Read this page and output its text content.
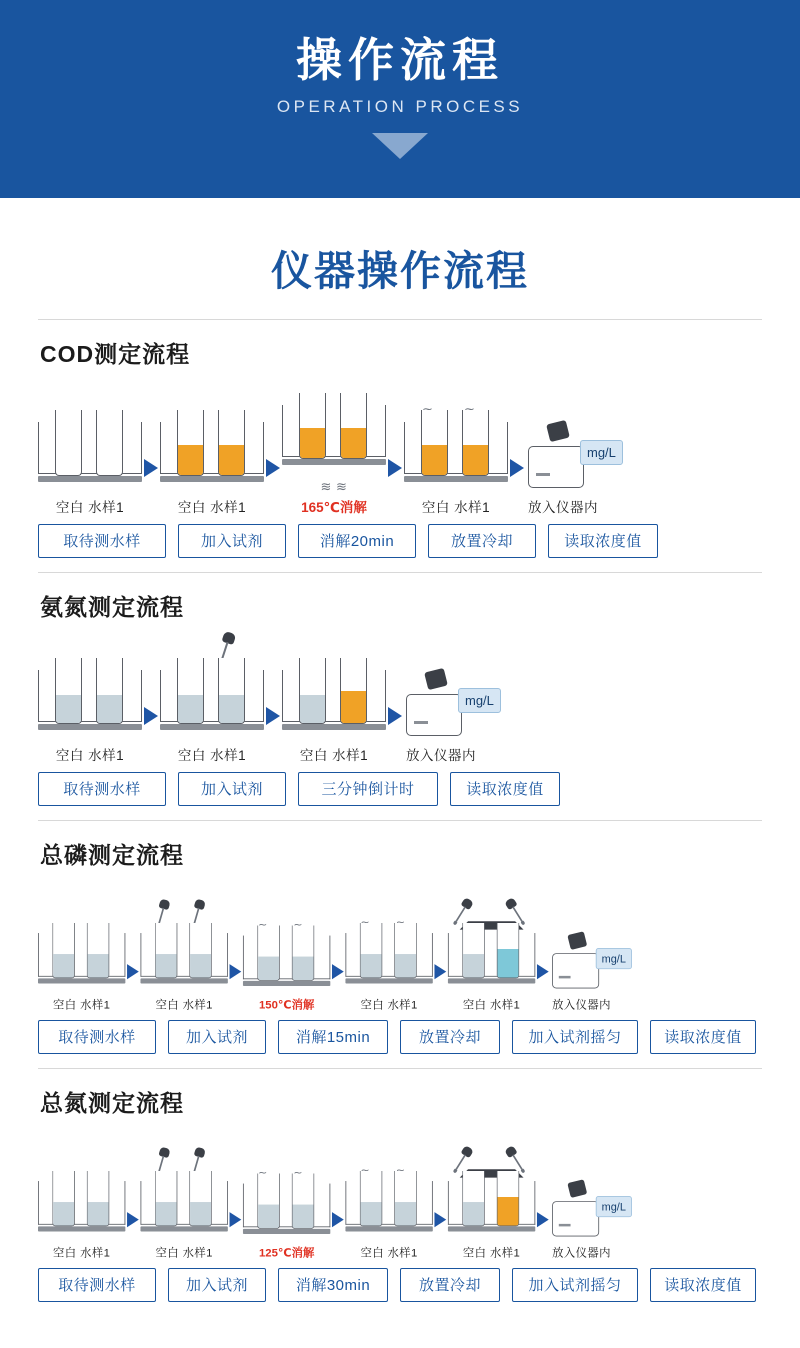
操作流程
OPERATION PROCESS
仪器操作流程
COD测定流程
空白 水样1	空白 水样1
≋ ≋
165℃消解	空白 水样1
mg/L
放入仪器内
取待测水样	加入试剂	消解20min	放置冷却	读取浓度值
氨氮测定流程
空白 水样1	空白 水样1	空白 水样1
mg/L
放入仪器内
取待测水样	加入试剂	三分钟倒计时	读取浓度值
总磷测定流程
空白 水样1	空白 水样1	150℃消解	空白 水样1	空白 水样1
mg/L
放入仪器内
取待测水样	加入试剂	消解15min	放置冷却	加入试剂摇匀	读取浓度值
总氮测定流程
空白 水样1	空白 水样1	125℃消解	空白 水样1	空白 水样1
mg/L
放入仪器内
取待测水样	加入试剂	消解30min	放置冷却	加入试剂摇匀	读取浓度值
